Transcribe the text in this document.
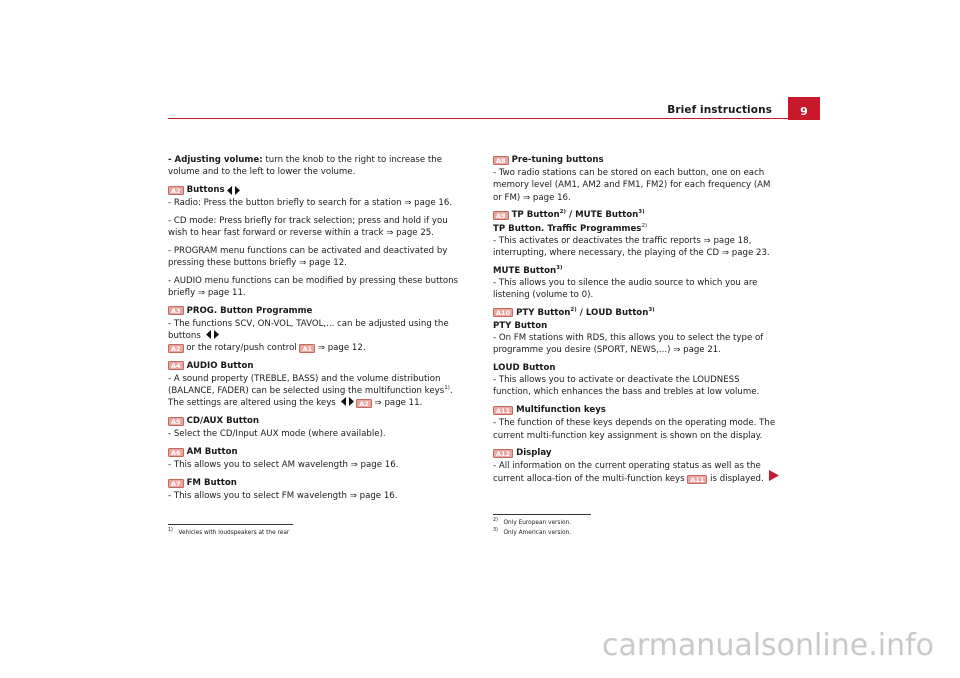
Brief instructions	9

- Adjusting volume: turn the knob to the right to increase the volume and to the left to lower the volume.

A2 Buttons

- Radio: Press the button briefly to search for a station ⇒ page 16.

- CD mode: Press briefly for track selection; press and hold if you wish to hear fast forward or reverse within a track ⇒ page 25.

- PROGRAM menu functions can be activated and deactivated by pressing these buttons briefly ⇒ page 12.

- AUDIO menu functions can be modified by pressing these buttons briefly ⇒ page 11.

A3 PROG. Button Programme

- The functions SCV, ON-VOL, TAVOL,... can be adjusted using the buttons

A2 or the rotary/push control A1 ⇒ page 12.

A4 AUDIO Button

- A sound property (TREBLE, BASS) and the volume distribution (BALANCE, FADER) can be selected using the multifunction keys$^{1)}$. The settings are altered using the keys	A2 ⇒ page 11.

A5 CD/AUX Button

- Select the CD/Input AUX mode (where available).

A6 AM Button

- This allows you to select AM wavelength ⇒ page 16.

A7 FM Button

- This allows you to select FM wavelength ⇒ page 16.

A8 Pre-tuning buttons

- Two radio stations can be stored on each button, one on each memory level (AM1, AM2 and FM1, FM2) for each frequency (AM or FM) ⇒ page 16.

A9 TP Button$^{2)}$ / MUTE Button$^{3)}$
TP Button. Traffic Programmes$^{2)}$

- This activates or deactivates the traffic reports ⇒ page 18, interrupting, where necessary, the playing of the CD ⇒ page 23.

MUTE Button$^{3)}$

- This allows you to silence the audio source to which you are listening (volume to 0).

A10 PTY Button$^{2)}$ / LOUD Button$^{3)}$
PTY Button

- On FM stations with RDS, this allows you to select the type of programme you desire (SPORT, NEWS,...) ⇒ page 21.

LOUD Button

- This allows you to activate or deactivate the LOUDNESS function, which enhances the bass and trebles at low volume.

A11 Multifunction keys

- The function of these keys depends on the operating mode. The current multi-function key assignment is shown on the display.

A12 Display

- All information on the current operating status as well as the current alloca-tion of the multi-function keys A11 is displayed.

$^{1)}$ Vehicles with loudspeakers at the rear
$^{2)}$ Only European version.
$^{3)}$ Only American version.
carmanualsonline.info
